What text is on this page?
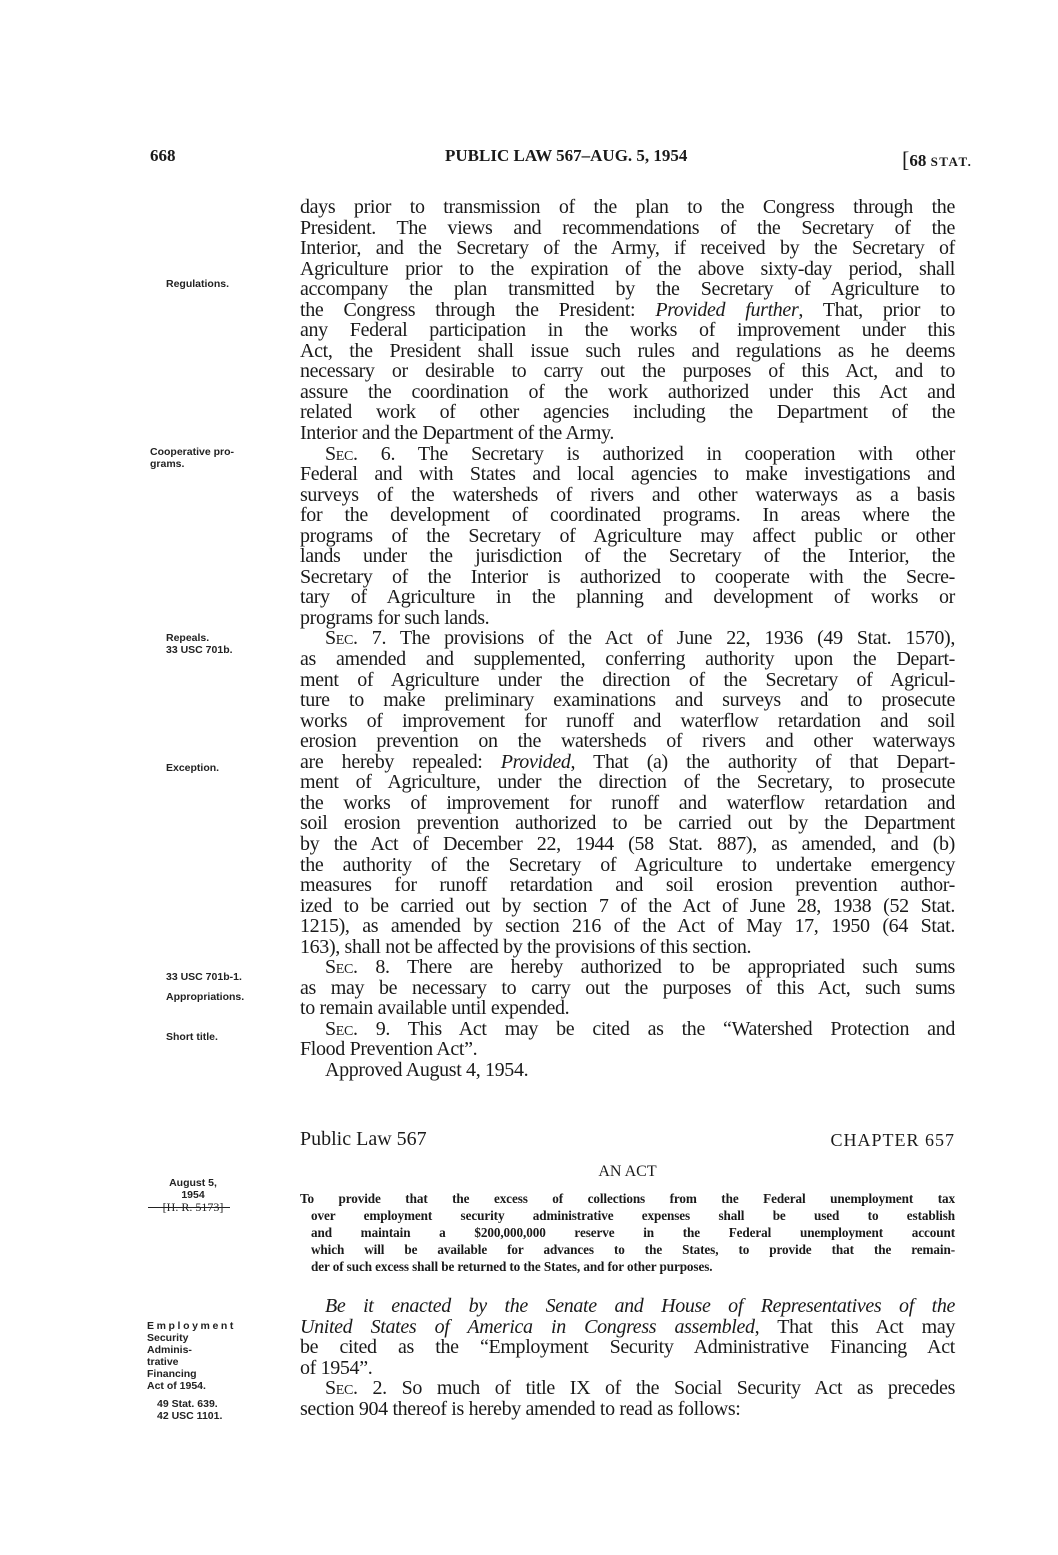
668	PUBLIC LAW 567–AUG. 5, 1954	[68 STAT.
days prior to transmission of the plan to the Congress through the
President. The views and recommendations of the Secretary of the
Interior, and the Secretary of the Army, if received by the Secretary of
Agriculture prior to the expiration of the above sixty-day period, shall
accompany the plan transmitted by the Secretary of Agriculture to
the Congress through the President: Provided further, That, prior to
any Federal participation in the works of improvement under this
Act, the President shall issue such rules and regulations as he deems
necessary or desirable to carry out the purposes of this Act, and to
assure the coordination of the work authorized under this Act and
related work of other agencies including the Department of the
Interior and the Department of the Army.
Sec. 6. The Secretary is authorized in cooperation with other
Federal and with States and local agencies to make investigations and
surveys of the watersheds of rivers and other waterways as a basis
for the development of coordinated programs. In areas where the
programs of the Secretary of Agriculture may affect public or other
lands under the jurisdiction of the Secretary of the Interior, the
Secretary of the Interior is authorized to cooperate with the Secre-
tary of Agriculture in the planning and development of works or
programs for such lands.
Sec. 7. The provisions of the Act of June 22, 1936 (49 Stat. 1570),
as amended and supplemented, conferring authority upon the Depart-
ment of Agriculture under the direction of the Secretary of Agricul-
ture to make preliminary examinations and surveys and to prosecute
works of improvement for runoff and waterflow retardation and soil
erosion prevention on the watersheds of rivers and other waterways
are hereby repealed: Provided, That (a) the authority of that Depart-
ment of Agriculture, under the direction of the Secretary, to prosecute
the works of improvement for runoff and waterflow retardation and
soil erosion prevention authorized to be carried out by the Department
by the Act of December 22, 1944 (58 Stat. 887), as amended, and (b)
the authority of the Secretary of Agriculture to undertake emergency
measures for runoff retardation and soil erosion prevention author-
ized to be carried out by section 7 of the Act of June 28, 1938 (52 Stat.
1215), as amended by section 216 of the Act of May 17, 1950 (64 Stat.
163), shall not be affected by the provisions of this section.
Sec. 8. There are hereby authorized to be appropriated such sums
as may be necessary to carry out the purposes of this Act, such sums
to remain available until expended.
Sec. 9. This Act may be cited as the “Watershed Protection and
Flood Prevention Act”.
Approved August 4, 1954.
Regulations.
Cooperative pro-
grams.
Repeals.
33 USC 701b.
Exception.
33 USC 701b-1.
Appropriations.
Short title.
Public Law 567	CHAPTER 657
AN ACT
August 5, 1954
[H. R. 5173]
To provide that the excess of collections from the Federal unemployment tax
over employment security administrative expenses shall be used to establish
and maintain a $200,000,000 reserve in the Federal unemployment account
which will be available for advances to the States, to provide that the remain-
der of such excess shall be returned to the States, and for other purposes.
Be it enacted by the Senate and House of Representatives of the
United States of America in Congress assembled, That this Act may
be cited as the “Employment Security Administrative Financing Act
of 1954”.
Sec. 2. So much of title IX of the Social Security Act as precedes
section 904 thereof is hereby amended to read as follows:
Employment
Security Adminis-
trative Financing
Act of 1954.
49 Stat. 639.
42 USC 1101.
